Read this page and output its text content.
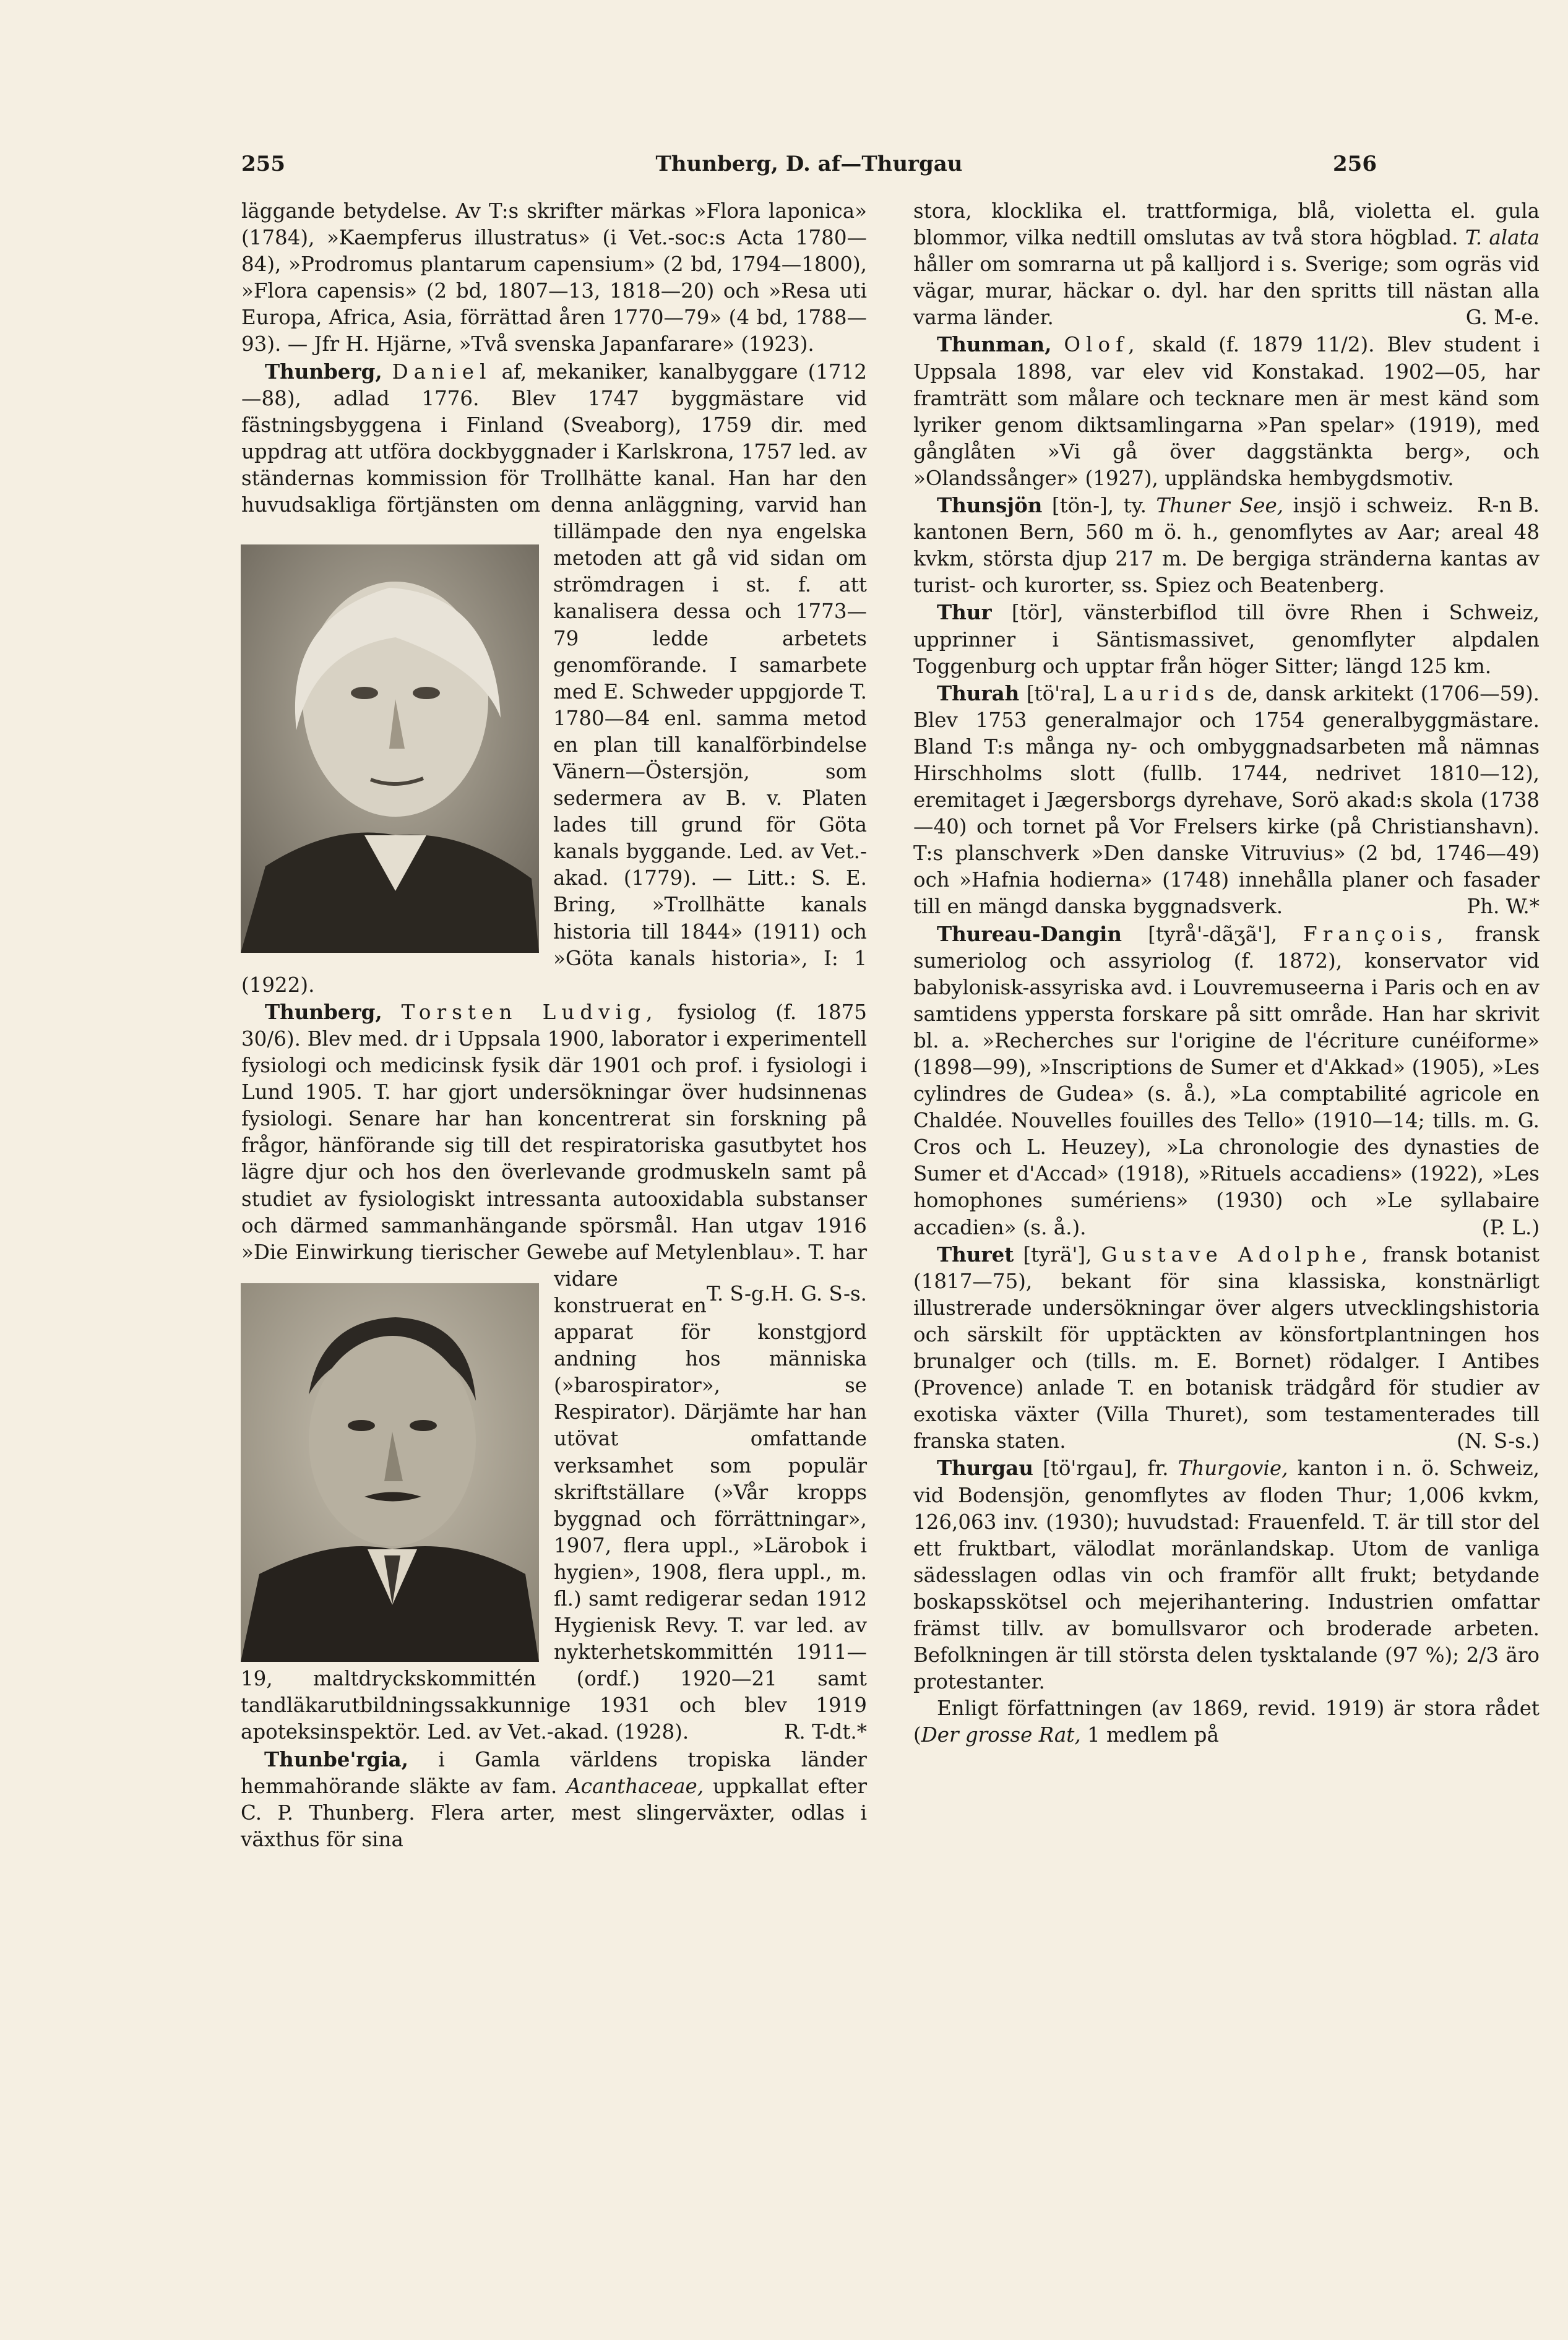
255	Thunberg, D. af—Thurgau	256

läggande betydelse. Av T:s skrifter märkas »Flora laponica» (1784), »Kaempferus illustratus» (i Vet.-soc:s Acta 1780—84), »Prodromus plantarum capensium» (2 bd, 1794—1800), »Flora capensis» (2 bd, 1807—13, 1818—20) och »Resa uti Europa, Africa, Asia, förrättad åren 1770—79» (4 bd, 1788—93). — Jfr H. Hjärne, »Två svenska Japanfarare» (1923).
H. G. S-s.

Thunberg, Daniel af, mekaniker, kanalbyggare (1712—88), adlad 1776. Blev 1747 byggmästare vid fästningsbyggena i Finland (Sveaborg), 1759 dir. med uppdrag att utföra dockbyggnader i Karlskrona, 1757 led. av ständernas kommission för Trollhätte kanal. Han har den huvudsakliga förtjänsten om denna anläggning, varvid han tillämpade den nya engelska metoden att gå vid sidan om strömdragen i st. f. att kanalisera dessa och 1773—79 ledde arbetets genomförande. I samarbete med E. Schweder uppgjorde T. 1780—84 enl. samma metod en plan till kanalförbindelse Vänern—Östersjön, som sedermera av B. v. Platen lades till grund för Göta kanals byggande. Led. av Vet.-akad. (1779). — Litt.: S. E. Bring, »Trollhätte kanals historia till 1844» (1911) och »Göta kanals historia», I: 1 (1922).

T. S-g.

Thunberg, Torsten Ludvig, fysiolog (f. 1875 30/6). Blev med. dr i Uppsala 1900, laborator i experimentell fysiologi och medicinsk fysik där 1901 och prof. i fysiologi i Lund 1905. T. har gjort undersökningar över hudsinnenas fysiologi. Senare har han koncentrerat sin forskning på frågor, hänförande sig till det respiratoriska gasutbytet hos lägre djur och hos den överlevande grodmuskeln samt på studiet av fysiologiskt intressanta autooxidabla substanser och därmed sammanhängande spörsmål. Han utgav 1916 »Die Einwirkung tierischer Gewebe auf Metylenblau». T. har vidare konstruerat en apparat för konstgjord andning hos människa (»barospirator», se Respirator). Därjämte har han utövat omfattande verksamhet som populär skriftställare (»Vår kropps byggnad och förrättningar», 1907, flera uppl., »Lärobok i hygien», 1908, flera uppl., m. fl.) samt redigerar sedan 1912 Hygienisk Revy. T. var led. av nykterhetskommittén 1911—19, maltdryckskommittén (ordf.) 1920—21 samt tandläkarutbildningssakkunnige 1931 och blev 1919 apoteksinspektör. Led. av Vet.-akad. (1928).	R. T-dt.*

Thunbe'rgia, i Gamla världens tropiska länder hemmahörande släkte av fam. Acanthaceae, uppkallat efter C. P. Thunberg. Flera arter, mest slingerväxter, odlas i växthus för sina

stora, klocklika el. trattformiga, blå, violetta el. gula blommor, vilka nedtill omslutas av två stora högblad. T. alata håller om somrarna ut på kalljord i s. Sverige; som ogräs vid vägar, murar, häckar o. dyl. har den spritts till nästan alla varma länder.	G. M-e.

Thunman, Olof, skald (f. 1879 11/2). Blev student i Uppsala 1898, var elev vid Konstakad. 1902—05, har framträtt som målare och tecknare men är mest känd som lyriker genom diktsamlingarna »Pan spelar» (1919), med gånglåten »Vi gå över daggstänkta berg», och »Olandssånger» (1927), uppländska hembygdsmotiv.
R-n B.

Thunsjön [tön-], ty. Thuner See, insjö i schweiz. kantonen Bern, 560 m ö. h., genomflytes av Aar; areal 48 kvkm, största djup 217 m. De bergiga stränderna kantas av turist- och kurorter, ss. Spiez och Beatenberg.

Thur [tör], vänsterbiflod till övre Rhen i Schweiz, upprinner i Säntismassivet, genomflyter alpdalen Toggenburg och upptar från höger Sitter; längd 125 km.

Thurah [tö'ra], Laurids de, dansk arkitekt (1706—59). Blev 1753 generalmajor och 1754 generalbyggmästare. Bland T:s många ny- och ombyggnadsarbeten må nämnas Hirschholms slott (fullb. 1744, nedrivet 1810—12), eremitaget i Jægersborgs dyrehave, Sorö akad:s skola (1738—40) och tornet på Vor Frelsers kirke (på Christianshavn). T:s planschverk »Den danske Vitruvius» (2 bd, 1746—49) och »Hafnia hodierna» (1748) innehålla planer och fasader till en mängd danska byggnadsverk.	Ph. W.*

Thureau-Dangin [tyrå'-dãʒã'], François, fransk sumeriolog och assyriolog (f. 1872), konservator vid babylonisk-assyriska avd. i Louvremuseerna i Paris och en av samtidens yppersta forskare på sitt område. Han har skrivit bl. a. »Recherches sur l'origine de l'écriture cunéiforme» (1898—99), »Inscriptions de Sumer et d'Akkad» (1905), »Les cylindres de Gudea» (s. å.), »La comptabilité agricole en Chaldée. Nouvelles fouilles des Tello» (1910—14; tills. m. G. Cros och L. Heuzey), »La chronologie des dynasties de Sumer et d'Accad» (1918), »Rituels accadiens» (1922), »Les homophones sumériens» (1930) och »Le syllabaire accadien» (s. å.).	(P. L.)

Thuret [tyrä'], Gustave Adolphe, fransk botanist (1817—75), bekant för sina klassiska, konstnärligt illustrerade undersökningar över algers utvecklingshistoria och särskilt för upptäckten av könsfortplantningen hos brunalger och (tills. m. E. Bornet) rödalger. I Antibes (Provence) anlade T. en botanisk trädgård för studier av exotiska växter (Villa Thuret), som testamenterades till franska staten.	(N. S-s.)

Thurgau [tö'rgau], fr. Thurgovie, kanton i n. ö. Schweiz, vid Bodensjön, genomflytes av floden Thur; 1,006 kvkm, 126,063 inv. (1930); huvudstad: Frauenfeld. T. är till stor del ett fruktbart, välodlat moränlandskap. Utom de vanliga sädesslagen odlas vin och framför allt frukt; betydande boskapsskötsel och mejerihantering. Industrien omfattar främst tillv. av bomullsvaror och broderade arbeten. Befolkningen är till största delen tysktalande (97 %); 2/3 äro protestanter.

Enligt författningen (av 1869, revid. 1919) är stora rådet (Der grosse Rat, 1 medlem på
